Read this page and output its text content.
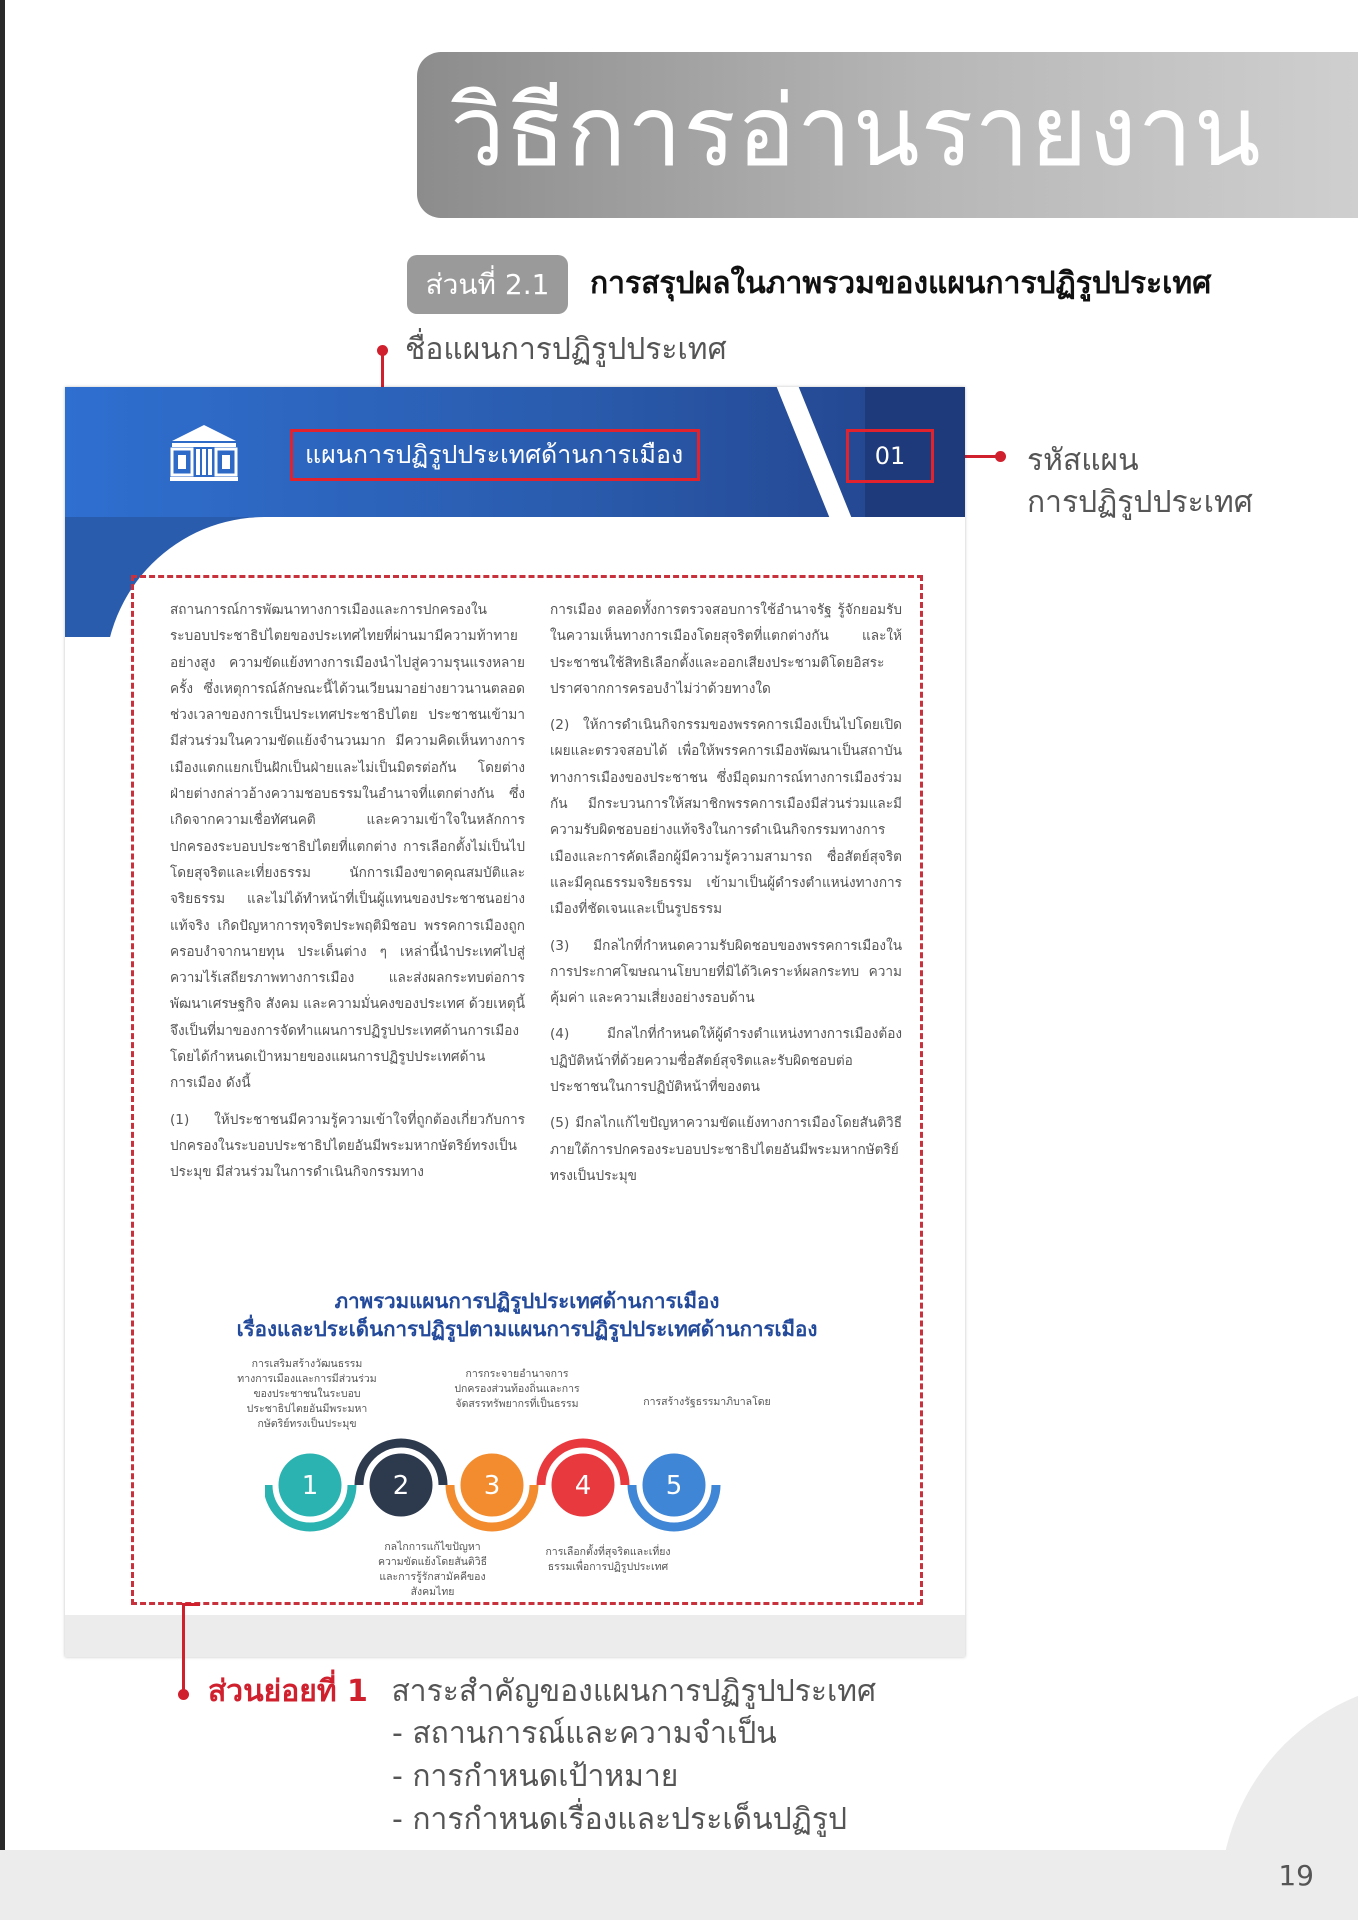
วิธีการอ่านรายงาน
ส่วนที่ 2.1	การสรุปผลในภาพรวมของแผนการปฏิรูปประเทศ
ชื่อแผนการปฏิรูปประเทศ
รหัสแผน
การปฏิรูปประเทศ
แผนการปฏิรูปประเทศด้านการเมือง	01

สถานการณ์การพัฒนาทางการเมืองและการปกครองในระบอบประชาธิปไตยของประเทศไทยที่ผ่านมามีความท้าทายอย่างสูง ความขัดแย้งทางการเมืองนำไปสู่ความรุนแรงหลายครั้ง ซึ่งเหตุการณ์ลักษณะนี้ได้วนเวียนมาอย่างยาวนานตลอดช่วงเวลาของการเป็นประเทศประชาธิปไตย ประชาชนเข้ามามีส่วนร่วมในความขัดแย้งจำนวนมาก มีความคิดเห็นทางการเมืองแตกแยกเป็นฝักเป็นฝ่ายและไม่เป็นมิตรต่อกัน โดยต่างฝ่ายต่างกล่าวอ้างความชอบธรรมในอำนาจที่แตกต่างกัน ซึ่งเกิดจากความเชื่อทัศนคติ และความเข้าใจในหลักการปกครองระบอบประชาธิปไตยที่แตกต่าง การเลือกตั้งไม่เป็นไปโดยสุจริตและเที่ยงธรรม นักการเมืองขาดคุณสมบัติและจริยธรรม และไม่ได้ทำหน้าที่เป็นผู้แทนของประชาชนอย่างแท้จริง เกิดปัญหาการทุจริตประพฤติมิชอบ พรรคการเมืองถูกครอบงำจากนายทุน ประเด็นต่าง ๆ เหล่านี้นำประเทศไปสู่ความไร้เสถียรภาพทางการเมือง และส่งผลกระทบต่อการพัฒนาเศรษฐกิจ สังคม และความมั่นคงของประเทศ ด้วยเหตุนี้จึงเป็นที่มาของการจัดทำแผนการปฏิรูปประเทศด้านการเมือง โดยได้กำหนดเป้าหมายของแผนการปฏิรูปประเทศด้านการเมือง ดังนี้

(1) ให้ประชาชนมีความรู้ความเข้าใจที่ถูกต้องเกี่ยวกับการปกครองในระบอบประชาธิปไตยอันมีพระมหากษัตริย์ทรงเป็นประมุข มีส่วนร่วมในการดำเนินกิจกรรมทาง

การเมือง ตลอดทั้งการตรวจสอบการใช้อำนาจรัฐ รู้จักยอมรับในความเห็นทางการเมืองโดยสุจริตที่แตกต่างกัน และให้ประชาชนใช้สิทธิเลือกตั้งและออกเสียงประชามติโดยอิสระปราศจากการครอบงำไม่ว่าด้วยทางใด

(2) ให้การดำเนินกิจกรรมของพรรคการเมืองเป็นไปโดยเปิดเผยและตรวจสอบได้ เพื่อให้พรรคการเมืองพัฒนาเป็นสถาบันทางการเมืองของประชาชน ซึ่งมีอุดมการณ์ทางการเมืองร่วมกัน มีกระบวนการให้สมาชิกพรรคการเมืองมีส่วนร่วมและมีความรับผิดชอบอย่างแท้จริงในการดำเนินกิจกรรมทางการเมืองและการคัดเลือกผู้มีความรู้ความสามารถ ซื่อสัตย์สุจริต และมีคุณธรรมจริยธรรม เข้ามาเป็นผู้ดำรงตำแหน่งทางการเมืองที่ชัดเจนและเป็นรูปธรรม

(3) มีกลไกที่กำหนดความรับผิดชอบของพรรคการเมืองในการประกาศโฆษณานโยบายที่มิได้วิเคราะห์ผลกระทบ ความคุ้มค่า และความเสี่ยงอย่างรอบด้าน

(4) มีกลไกที่กำหนดให้ผู้ดำรงตำแหน่งทางการเมืองต้องปฏิบัติหน้าที่ด้วยความซื่อสัตย์สุจริตและรับผิดชอบต่อประชาชนในการปฏิบัติหน้าที่ของตน

(5) มีกลไกแก้ไขปัญหาความขัดแย้งทางการเมืองโดยสันติวิธีภายใต้การปกครองระบอบประชาธิปไตยอันมีพระมหากษัตริย์ทรงเป็นประมุข

ภาพรวมแผนการปฏิรูปประเทศด้านการเมือง
เรื่องและประเด็นการปฏิรูปตามแผนการปฏิรูปประเทศด้านการเมือง
การเสริมสร้างวัฒนธรรมทางการเมืองและการมีส่วนร่วมของประชาชนในระบอบประชาธิปไตยอันมีพระมหากษัตริย์ทรงเป็นประมุข
การกระจายอำนาจการปกครองส่วนท้องถิ่นและการจัดสรรทรัพยากรที่เป็นธรรม	การสร้างรัฐธรรมาภิบาลโดย
กลไกการแก้ไขปัญหาความขัดแย้งโดยสันติวิธีและการรู้รักสามัคคีของสังคมไทย
การเลือกตั้งที่สุจริตและเที่ยงธรรมเพื่อการปฏิรูปประเทศ
1	2	3	4	5
ส่วนย่อยที่ 1 สาระสำคัญของแผนการปฏิรูปประเทศ
- สถานการณ์และความจำเป็น
- การกำหนดเป้าหมาย
- การกำหนดเรื่องและประเด็นปฏิรูป
19
